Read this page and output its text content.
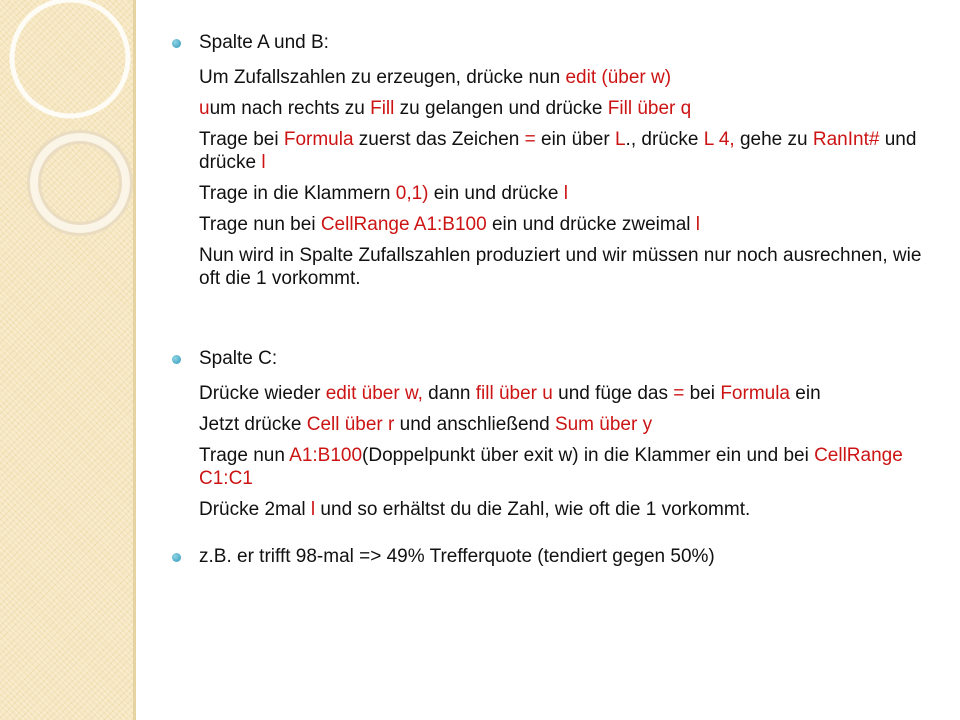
Spalte A und B:
Um Zufallszahlen zu erzeugen, drücke nun edit (über w)
uum nach rechts zu Fill zu gelangen und drücke Fill über q
Trage bei Formula zuerst das Zeichen = ein über L., drücke L 4, gehe zu RanInt# und drücke l
Trage in die Klammern 0,1) ein und drücke l
Trage nun bei CellRange A1:B100 ein und drücke zweimal l
Nun wird in Spalte Zufallszahlen produziert und wir müssen nur noch ausrechnen, wie oft die 1 vorkommt.
Spalte C:
Drücke wieder edit über w, dann fill über u und füge das = bei Formula ein
Jetzt drücke Cell über r und anschließend Sum über y
Trage nun A1:B100(Doppelpunkt über exit w) in die Klammer ein und bei CellRange C1:C1
Drücke 2mal l und so erhältst du die Zahl, wie oft die 1 vorkommt.
z.B. er trifft 98-mal => 49% Trefferquote (tendiert gegen 50%)
